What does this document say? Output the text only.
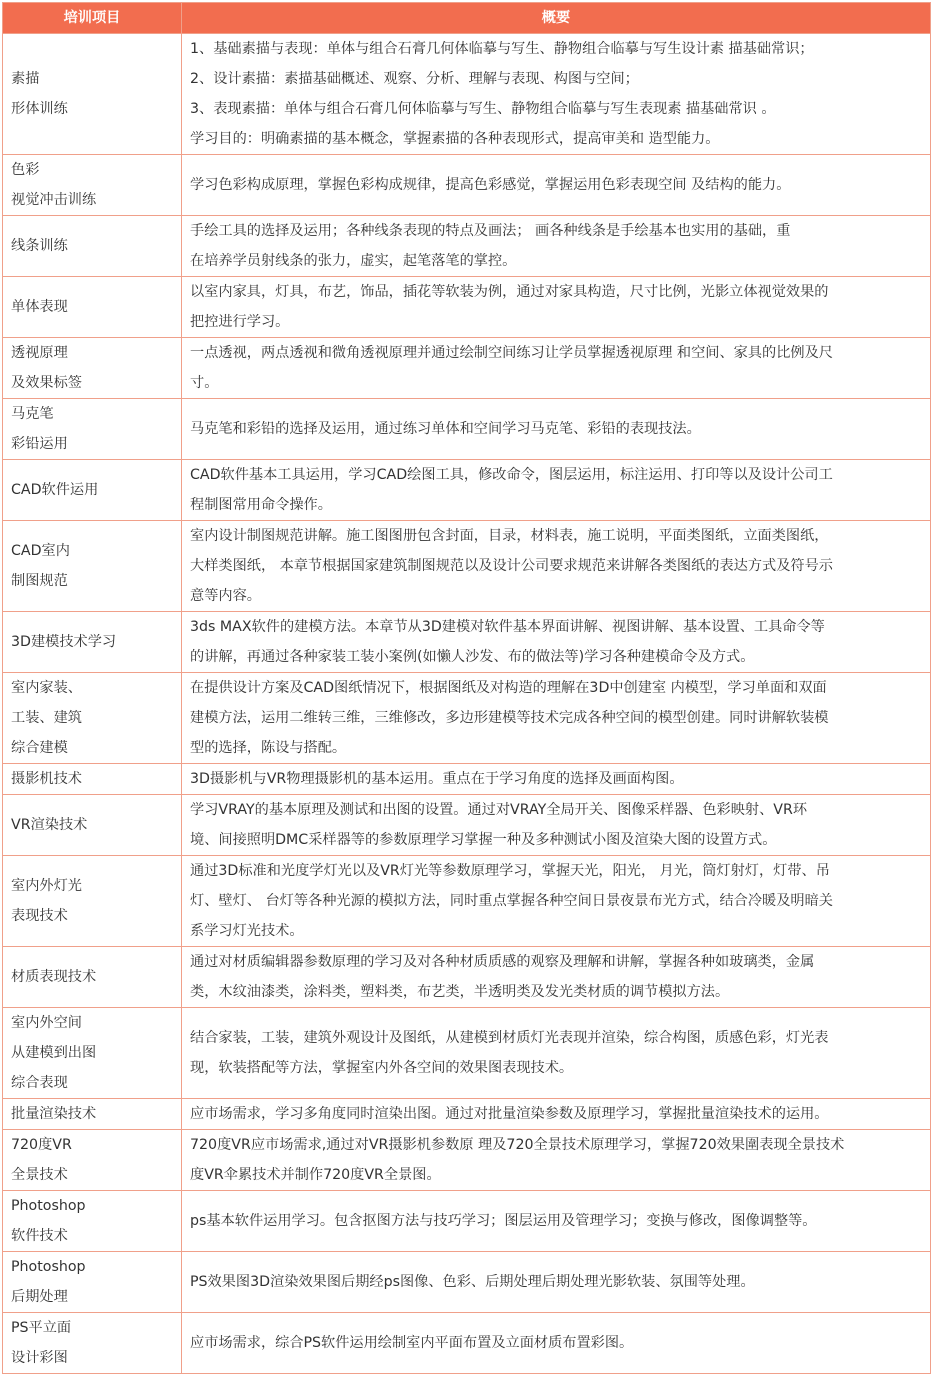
培训项目	概要

素描
形体训练	1、基础素描与表现：单体与组合石膏几何体临摹与写生、静物组合临摹与写生设计素 描基础常识；
2、设计素描：素描基础概述、观察、分析、理解与表现、构图与空间；
3、表现素描：单体与组合石膏几何体临摹与写生、静物组合临摹与写生表现素 描基础常识 。
学习目的：明确素描的基本概念，掌握素描的各种表现形式，提高审美和 造型能力。

色彩
视觉冲击训练	学习色彩构成原理，掌握色彩构成规律，提高色彩感觉，掌握运用色彩表现空间 及结构的能力。

线条训练	手绘工具的选择及运用；各种线条表现的特点及画法； 画各种线条是手绘基本也实用的基础，重
在培养学员射线条的张力，虚实，起笔落笔的掌控。

单体表现	以室内家具，灯具，布艺，饰品，插花等软装为例，通过对家具构造，尺寸比例，光影立体视觉效果的
把控进行学习。

透视原理
及效果标签	一点透视，两点透视和微角透视原理并通过绘制空间练习让学员掌握透视原理 和空间、家具的比例及尺
寸。

马克笔
彩铅运用	马克笔和彩铅的选择及运用，通过练习单体和空间学习马克笔、彩铅的表现技法。

CAD软件运用	CAD软件基本工具运用，学习CAD绘图工具，修改命令，图层运用，标注运用、打印等以及设计公司工
程制图常用命令操作。

CAD室内
制图规范	室内设计制图规范讲解。施工图图册包含封面，目录，材料表，施工说明，平面类图纸，立面类图纸，
大样类图纸， 本章节根据国家建筑制图规范以及设计公司要求规范来讲解各类图纸的表达方式及符号示
意等内容。

3D建模技术学习	3ds MAX软件的建模方法。本章节从3D建模对软件基本界面讲解、视图讲解、基本设置、工具命令等
的讲解，再通过各种家装工装小案例(如懒人沙发、布的做法等)学习各种建模命令及方式。

室内家装、
工装、建筑
综合建模	在提供设计方案及CAD图纸情况下，根据图纸及对构造的理解在3D中创建室 内模型，学习单面和双面
建模方法，运用二维转三维，三维修改，多边形建模等技术完成各种空间的模型创建。同时讲解软装模
型的选择，陈设与搭配。

摄影机技术	3D摄影机与VR物理摄影机的基本运用。重点在于学习角度的选择及画面构图。

VR渲染技术	学习VRAY的基本原理及测试和出图的设置。通过对VRAY全局开关、图像采样器、色彩映射、VR环
境、间接照明DMC采样器等的参数原理学习掌握一种及多种测试小图及渲染大图的设置方式。

室内外灯光
表现技术	通过3D标准和光度学灯光以及VR灯光等参数原理学习，掌握天光，阳光， 月光，筒灯射灯，灯带、吊
灯、壁灯、 台灯等各种光源的模拟方法，同时重点掌握各种空间日景夜景布光方式，结合冷暖及明暗关
系学习灯光技术。

材质表现技术	通过对材质编辑器参数原理的学习及对各种材质质感的观察及理解和讲解，掌握各种如玻璃类，金属
类，木纹油漆类，涂料类，塑料类，布艺类，半透明类及发光类材质的调节模拟方法。

室内外空间
从建模到出图
综合表现	结合家装，工装，建筑外观设计及图纸，从建模到材质灯光表现并渲染，综合构图，质感色彩，灯光表
现，软装搭配等方法，掌握室内外各空间的效果图表现技术。

批量渲染技术	应市场需求，学习多角度同时渲染出图。通过对批量渲染参数及原理学习，掌握批量渲染技术的运用。

720度VR
全景技术	720度VR应市场需求,通过对VR摄影机参数原 理及720全景技术原理学习，掌握720效果圍表现全景技术
度VR伞累技术并制作720度VR全景图。

Photoshop
软件技术	ps基本软件运用学习。包含抠图方法与技巧学习；图层运用及管理学习；变换与修改，图像调整等。

Photoshop
后期处理	PS效果图3D渲染效果图后期经ps图像、色彩、后期处理后期处理光影软装、氛围等处理。

PS平立面
设计彩图	应市场需求，综合PS软件运用绘制室内平面布置及立面材质布置彩图。
